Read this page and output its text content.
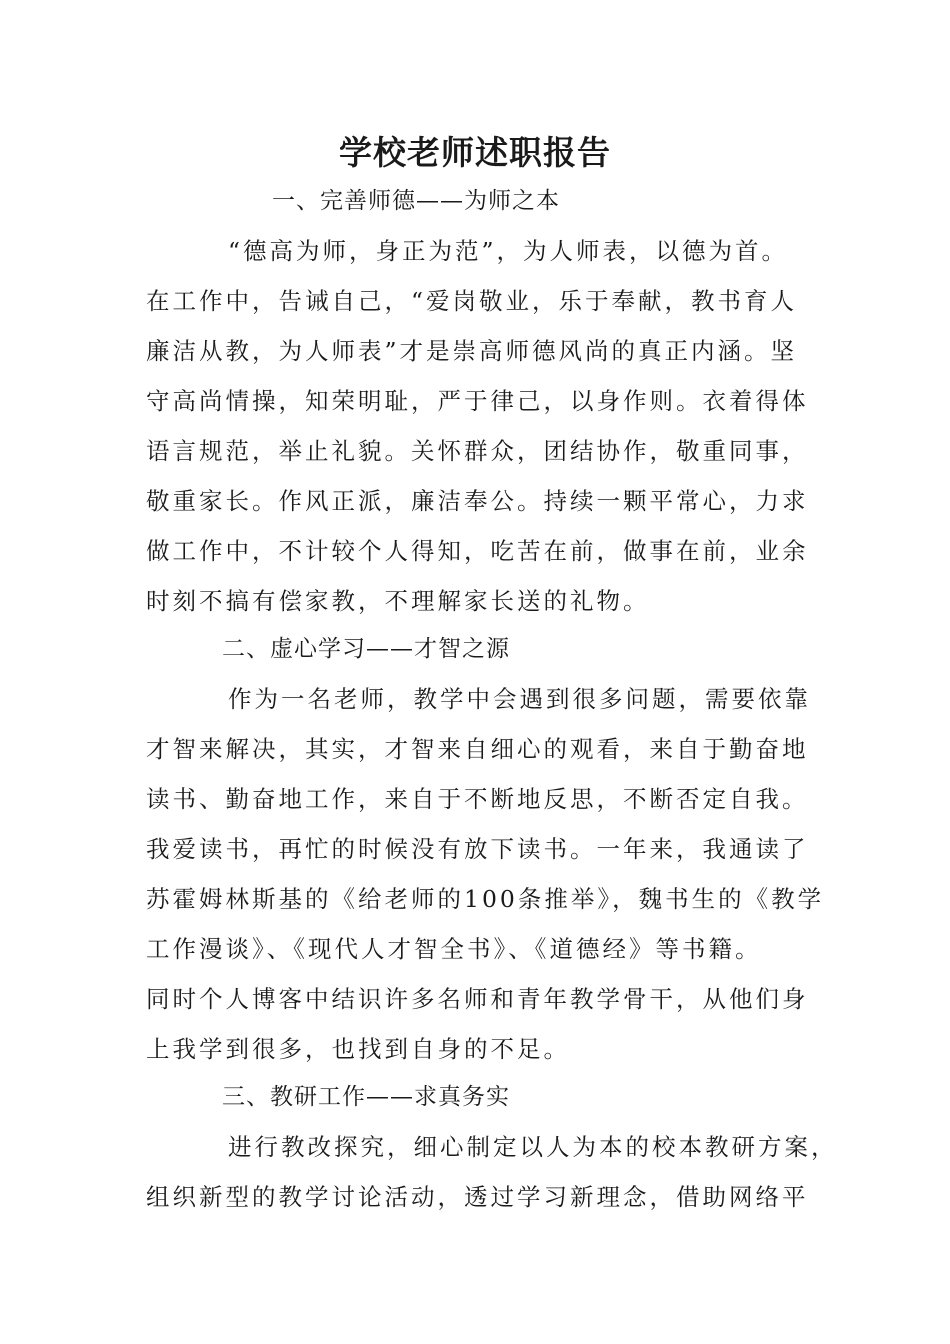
学校老师述职报告
一、完善师德——为师之本
“德高为师，身正为范”，为人师表，以德为首。
在工作中，告诫自己，“爱岗敬业，乐于奉献，教书育人
廉洁从教，为人师表”才是崇高师德风尚的真正内涵。坚
守高尚情操，知荣明耻，严于律己，以身作则。衣着得体
语言规范，举止礼貌。关怀群众，团结协作，敬重同事，
敬重家长。作风正派，廉洁奉公。持续一颗平常心，力求
做工作中，不计较个人得知，吃苦在前，做事在前，业余
时刻不搞有偿家教，不理解家长送的礼物。
二、虚心学习——才智之源
作为一名老师，教学中会遇到很多问题，需要依靠
才智来解决，其实，才智来自细心的观看，来自于勤奋地
读书、勤奋地工作，来自于不断地反思，不断否定自我。
我爱读书，再忙的时候没有放下读书。一年来，我通读了
苏霍姆林斯基的《给老师的100条推举》，魏书生的《教学
工作漫谈》、《现代人才智全书》、《道德经》等书籍。
同时个人博客中结识许多名师和青年教学骨干，从他们身
上我学到很多，也找到自身的不足。
三、教研工作——求真务实
进行教改探究，细心制定以人为本的校本教研方案，
组织新型的教学讨论活动，透过学习新理念，借助网络平
